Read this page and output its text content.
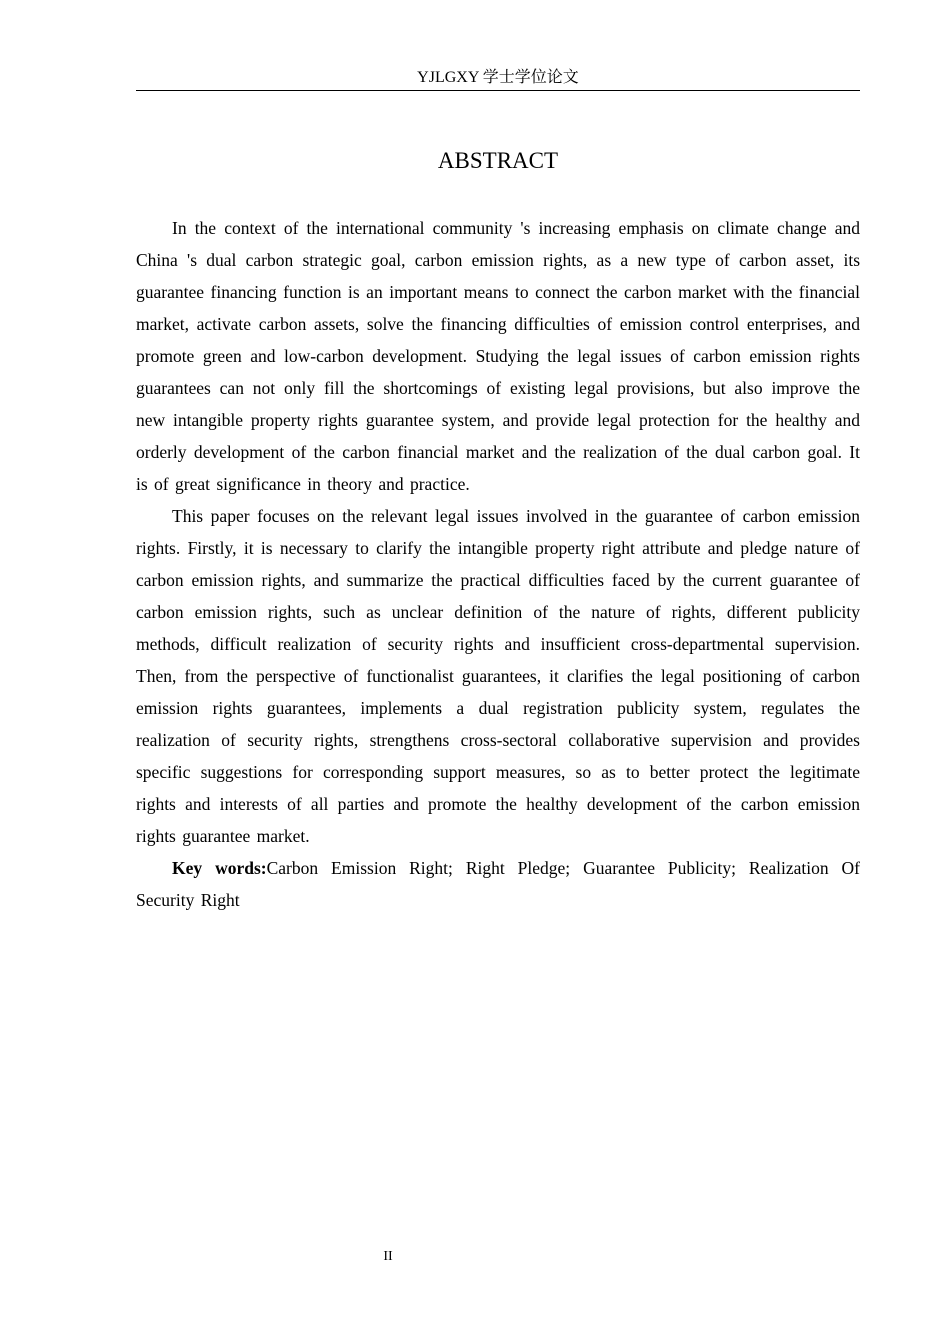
YJLGXY 学士学位论文
ABSTRACT

In the context of the international community 's increasing emphasis on climate change and China 's dual carbon strategic goal, carbon emission rights, as a new type of carbon asset, its guarantee financing function is an important means to connect the carbon market with the financial market, activate carbon assets, solve the financing difficulties of emission control enterprises, and promote green and low-carbon development. Studying the legal issues of carbon emission rights guarantees can not only fill the shortcomings of existing legal provisions, but also improve the new intangible property rights guarantee system, and provide legal protection for the healthy and orderly development of the carbon financial market and the realization of the dual carbon goal. It is of great significance in theory and practice.

This paper focuses on the relevant legal issues involved in the guarantee of carbon emission rights. Firstly, it is necessary to clarify the intangible property right attribute and pledge nature of carbon emission rights, and summarize the practical difficulties faced by the current guarantee of carbon emission rights, such as unclear definition of the nature of rights, different publicity methods, difficult realization of security rights and insufficient cross-departmental supervision. Then, from the perspective of functionalist guarantees, it clarifies the legal positioning of carbon emission rights guarantees, implements a dual registration publicity system, regulates the realization of security rights, strengthens cross-sectoral collaborative supervision and provides specific suggestions for corresponding support measures, so as to better protect the legitimate rights and interests of all parties and promote the healthy development of the carbon emission rights guarantee market.

Key words:Carbon Emission Right; Right Pledge; Guarantee Publicity; Realization Of Security Right

II
